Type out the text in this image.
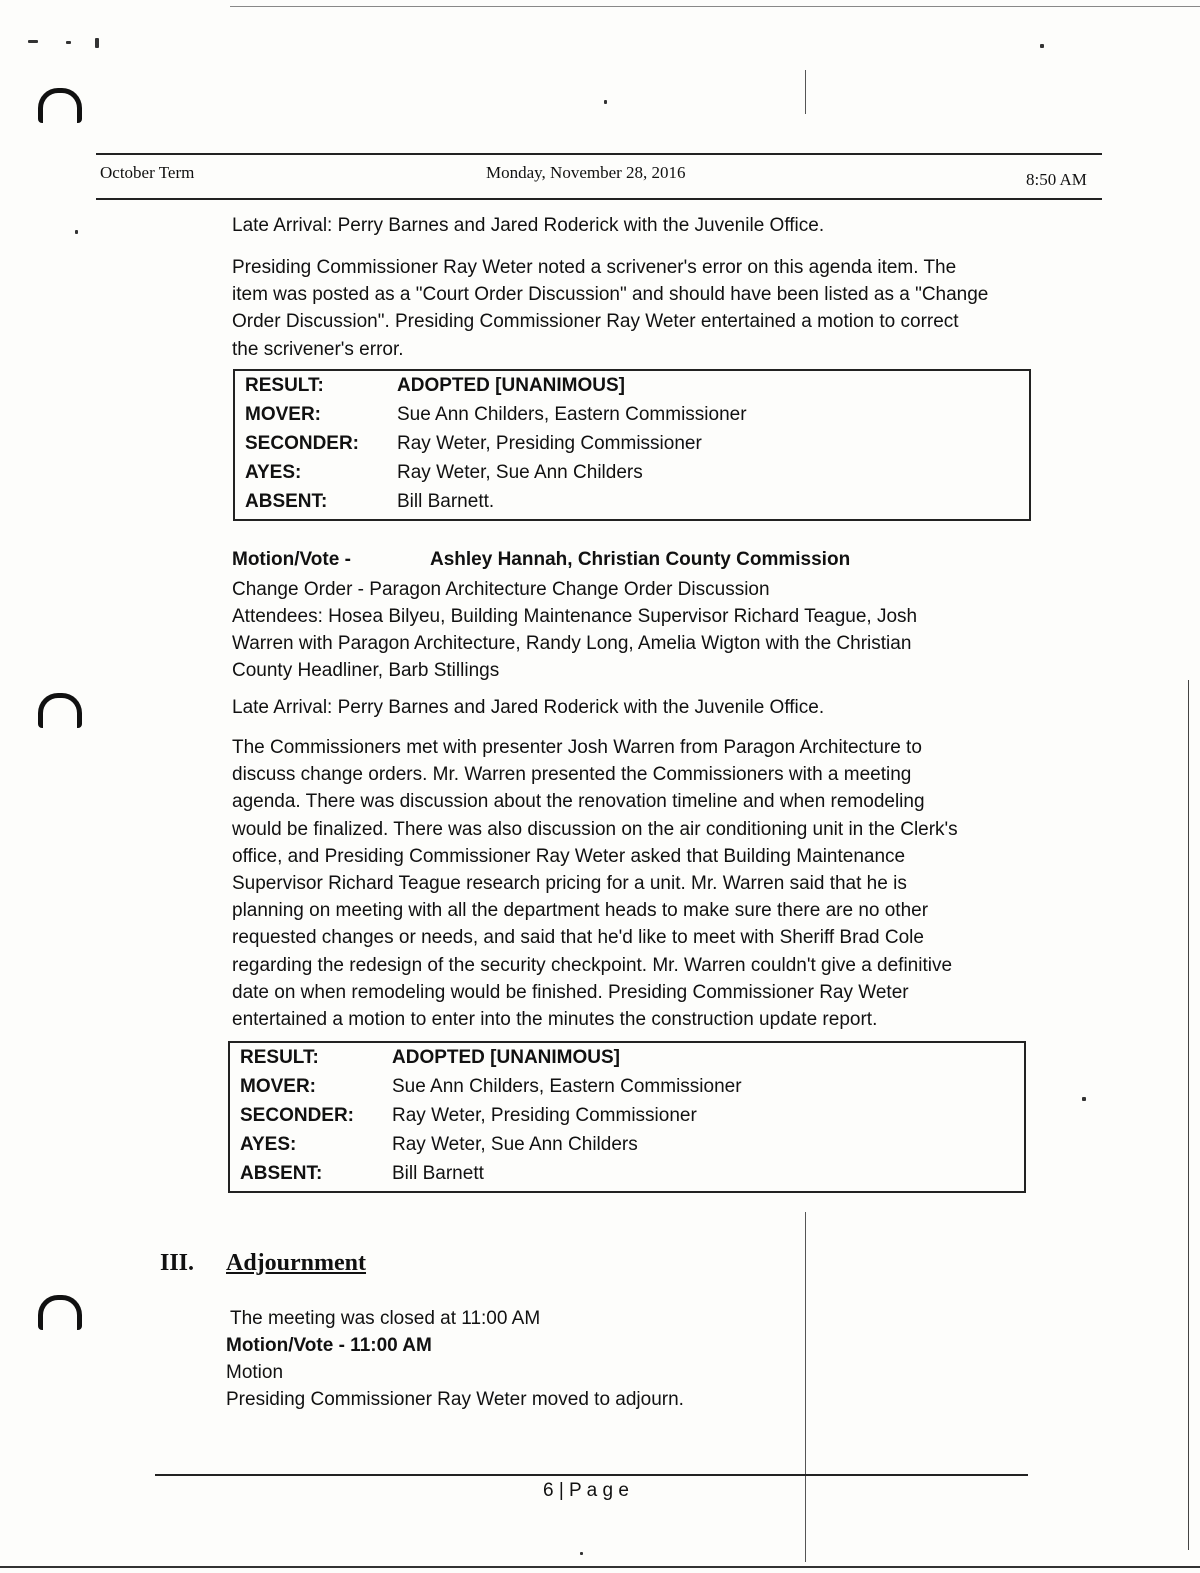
October Term	Monday, November 28, 2016	8:50 AM
Late Arrival: Perry Barnes and Jared Roderick with the Juvenile Office.
Presiding Commissioner Ray Weter noted a scrivener's error on this agenda item. The
item was posted as a "Court Order Discussion" and should have been listed as a "Change
Order Discussion". Presiding Commissioner Ray Weter entertained a motion to correct
the scrivener's error.
RESULT:	ADOPTED [UNANIMOUS]
MOVER:	Sue Ann Childers, Eastern Commissioner
SECONDER: Ray Weter, Presiding Commissioner
AYES:	Ray Weter, Sue Ann Childers
ABSENT:	Bill Barnett.
Motion/Vote -	Ashley Hannah, Christian County Commission
Change Order - Paragon Architecture Change Order Discussion
Attendees: Hosea Bilyeu, Building Maintenance Supervisor Richard Teague, Josh
Warren with Paragon Architecture, Randy Long, Amelia Wigton with the Christian
County Headliner, Barb Stillings
Late Arrival: Perry Barnes and Jared Roderick with the Juvenile Office.
The Commissioners met with presenter Josh Warren from Paragon Architecture to
discuss change orders. Mr. Warren presented the Commissioners with a meeting
agenda. There was discussion about the renovation timeline and when remodeling
would be finalized. There was also discussion on the air conditioning unit in the Clerk's
office, and Presiding Commissioner Ray Weter asked that Building Maintenance
Supervisor Richard Teague research pricing for a unit. Mr. Warren said that he is
planning on meeting with all the department heads to make sure there are no other
requested changes or needs, and said that he'd like to meet with Sheriff Brad Cole
regarding the redesign of the security checkpoint. Mr. Warren couldn't give a definitive
date on when remodeling would be finished. Presiding Commissioner Ray Weter
entertained a motion to enter into the minutes the construction update report.
RESULT:	ADOPTED [UNANIMOUS]
MOVER:	Sue Ann Childers, Eastern Commissioner
SECONDER: Ray Weter, Presiding Commissioner
AYES:	Ray Weter, Sue Ann Childers
ABSENT:	Bill Barnett
III. Adjournment
The meeting was closed at 11:00 AM
Motion/Vote - 11:00 AM
Motion
Presiding Commissioner Ray Weter moved to adjourn.
6 | P a g e
